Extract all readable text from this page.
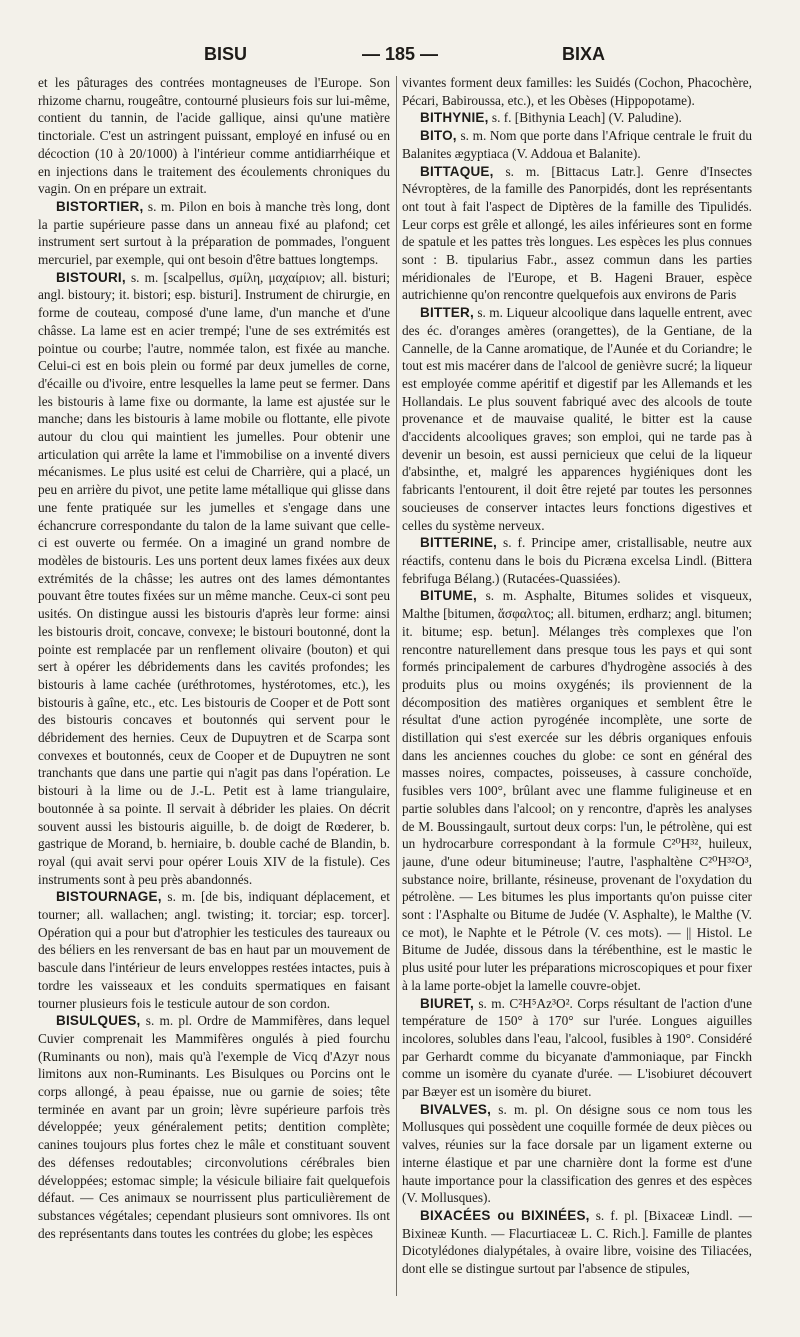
BISU	— 185 —	BIXA

et les pâturages des contrées montagneuses de l'Europe. Son rhizome charnu, rougeâtre, contourné plusieurs fois sur lui-même, contient du tannin, de l'acide gallique, ainsi qu'une matière tinctoriale. C'est un astringent puissant, employé en infusé ou en décoction (10 à 20/1000) à l'intérieur comme antidiarrhéique et en injections dans le traitement des écoulements chroniques du vagin. On en prépare un extrait.

BISTORTIER, s. m. Pilon en bois à manche très long, dont la partie supérieure passe dans un anneau fixé au plafond; cet instrument sert surtout à la préparation de pommades, l'onguent mercuriel, par exemple, qui ont besoin d'être battues longtemps.

BISTOURI, s. m. [scalpellus, σμίλη, μαχαίριον; all. bisturi; angl. bistoury; it. bistori; esp. bisturi]. Instrument de chirurgie, en forme de couteau, composé d'une lame, d'un manche et d'une châsse. La lame est en acier trempé; l'une de ses extrémités est pointue ou courbe; l'autre, nommée talon, est fixée au manche. Celui-ci est en bois plein ou formé par deux jumelles de corne, d'écaille ou d'ivoire, entre lesquelles la lame peut se fermer. Dans les bistouris à lame fixe ou dormante, la lame est ajustée sur le manche; dans les bistouris à lame mobile ou flottante, elle pivote autour du clou qui maintient les jumelles. Pour obtenir une articulation qui arrête la lame et l'immobilise on a inventé divers mécanismes. Le plus usité est celui de Charrière, qui a placé, un peu en arrière du pivot, une petite lame métallique qui glisse dans une fente pratiquée sur les jumelles et s'engage dans une échancrure correspondante du talon de la lame suivant que celle-ci est ouverte ou fermée. On a imaginé un grand nombre de modèles de bistouris. Les uns portent deux lames fixées aux deux extrémités de la châsse; les autres ont des lames démontantes pouvant être toutes fixées sur un même manche. Ceux-ci sont peu usités. On distingue aussi les bistouris d'après leur forme: ainsi les bistouris droit, concave, convexe; le bistouri boutonné, dont la pointe est remplacée par un renflement olivaire (bouton) et qui sert à opérer les débridements dans les cavités profondes; les bistouris à lame cachée (uréthrotomes, hystérotomes, etc.), les bistouris à gaîne, etc., etc. Les bistouris de Cooper et de Pott sont des bistouris concaves et boutonnés qui servent pour le débridement des hernies. Ceux de Dupuytren et de Scarpa sont convexes et boutonnés, ceux de Cooper et de Dupuytren ne sont tranchants que dans une partie qui n'agit pas dans l'opération. Le bistouri à la lime ou de J.-L. Petit est à lame triangulaire, boutonnée à sa pointe. Il servait à débrider les plaies. On décrit souvent aussi les bistouris aiguille, b. de doigt de Rœderer, b. gastrique de Morand, b. herniaire, b. double caché de Blandin, b. royal (qui avait servi pour opérer Louis XIV de la fistule). Ces instruments sont à peu près abandonnés.

BISTOURNAGE, s. m. [de bis, indiquant déplacement, et tourner; all. wallachen; angl. twisting; it. torciar; esp. torcer]. Opération qui a pour but d'atrophier les testicules des taureaux ou des béliers en les renversant de bas en haut par un mouvement de bascule dans l'intérieur de leurs enveloppes restées intactes, puis à tordre les vaisseaux et les conduits spermatiques en faisant tourner plusieurs fois le testicule autour de son cordon.

BISULQUES, s. m. pl. Ordre de Mammifères, dans lequel Cuvier comprenait les Mammifères ongulés à pied fourchu (Ruminants ou non), mais qu'à l'exemple de Vicq d'Azyr nous limitons aux non-Ruminants. Les Bisulques ou Porcins ont le corps allongé, à peau épaisse, nue ou garnie de soies; tête terminée en avant par un groin; lèvre supérieure parfois très développée; yeux généralement petits; dentition complète; canines toujours plus fortes chez le mâle et constituant souvent des défenses redoutables; circonvolutions cérébrales bien développées; estomac simple; la vésicule biliaire fait quelquefois défaut. — Ces animaux se nourrissent plus particulièrement de substances végétales; cependant plusieurs sont omnivores. Ils ont des représentants dans toutes les contrées du globe; les espèces

vivantes forment deux familles: les Suidés (Cochon, Phacochère, Pécari, Babiroussa, etc.), et les Obèses (Hippopotame).

BITHYNIE, s. f. [Bithynia Leach] (V. Paludine).

BITO, s. m. Nom que porte dans l'Afrique centrale le fruit du Balanites ægyptiaca (V. Addoua et Balanite).

BITTAQUE, s. m. [Bittacus Latr.]. Genre d'Insectes Névroptères, de la famille des Panorpidés, dont les représentants ont tout à fait l'aspect de Diptères de la famille des Tipulidés. Leur corps est grêle et allongé, les ailes inférieures sont en forme de spatule et les pattes très longues. Les espèces les plus connues sont : B. tipularius Fabr., assez commun dans les parties méridionales de l'Europe, et B. Hageni Brauer, espèce autrichienne qu'on rencontre quelquefois aux environs de Paris

BITTER, s. m. Liqueur alcoolique dans laquelle entrent, avec des éc. d'oranges amères (orangettes), de la Gentiane, de la Cannelle, de la Canne aromatique, de l'Aunée et du Coriandre; le tout est mis macérer dans de l'alcool de genièvre sucré; la liqueur est employée comme apéritif et digestif par les Allemands et les Hollandais. Le plus souvent fabriqué avec des alcools de toute provenance et de mauvaise qualité, le bitter est la cause d'accidents alcooliques graves; son emploi, qui ne tarde pas à devenir un besoin, est aussi pernicieux que celui de la liqueur d'absinthe, et, malgré les apparences hygiéniques dont les fabricants l'entourent, il doit être rejeté par toutes les personnes soucieuses de conserver intactes leurs fonctions digestives et celles du système nerveux.

BITTERINE, s. f. Principe amer, cristallisable, neutre aux réactifs, contenu dans le bois du Picræna excelsa Lindl. (Bittera febrifuga Bélang.) (Rutacées-Quassiées).

BITUME, s. m. Asphalte, Bitumes solides et visqueux, Malthe [bitumen, ἄσφαλτος; all. bitumen, erdharz; angl. bitumen; it. bitume; esp. betun]. Mélanges très complexes que l'on rencontre naturellement dans presque tous les pays et qui sont formés principalement de carbures d'hydrogène associés à des produits plus ou moins oxygénés; ils proviennent de la décomposition des matières organiques et semblent être le résultat d'une action pyrogénée incomplète, une sorte de distillation qui s'est exercée sur les débris organiques enfouis dans les anciennes couches du globe: ce sont en général des masses noires, compactes, poisseuses, à cassure conchoïde, fusibles vers 100°, brûlant avec une flamme fuligineuse et en partie solubles dans l'alcool; on y rencontre, d'après les analyses de M. Boussingault, surtout deux corps: l'un, le pétrolène, qui est un hydrocarbure correspondant à la formule C²⁰H³², huileux, jaune, d'une odeur bitumineuse; l'autre, l'asphaltène C²⁰H³²O³, substance noire, brillante, résineuse, provenant de l'oxydation du pétrolène. — Les bitumes les plus importants qu'on puisse citer sont : l'Asphalte ou Bitume de Judée (V. Asphalte), le Malthe (V. ce mot), le Naphte et le Pétrole (V. ces mots). — || Histol. Le Bitume de Judée, dissous dans la térébenthine, est le mastic le plus usité pour luter les préparations microscopiques et pour fixer à la lame porte-objet la lamelle couvre-objet.

BIURET, s. m. C²H⁵Az³O². Corps résultant de l'action d'une température de 150° à 170° sur l'urée. Longues aiguilles incolores, solubles dans l'eau, l'alcool, fusibles à 190°. Considéré par Gerhardt comme du bicyanate d'ammoniaque, par Finckh comme un isomère du cyanate d'urée. — L'isobiuret découvert par Bæyer est un isomère du biuret.

BIVALVES, s. m. pl. On désigne sous ce nom tous les Mollusques qui possèdent une coquille formée de deux pièces ou valves, réunies sur la face dorsale par un ligament externe ou interne élastique et par une charnière dont la forme est d'une haute importance pour la classification des genres et des espèces (V. Mollusques).

BIXACÉES ou BIXINÉES, s. f. pl. [Bixaceæ Lindl. — Bixineæ Kunth. — Flacurtiaceæ L. C. Rich.]. Famille de plantes Dicotylédones dialypétales, à ovaire libre, voisine des Tiliacées, dont elle se distingue surtout par l'absence de stipules,
